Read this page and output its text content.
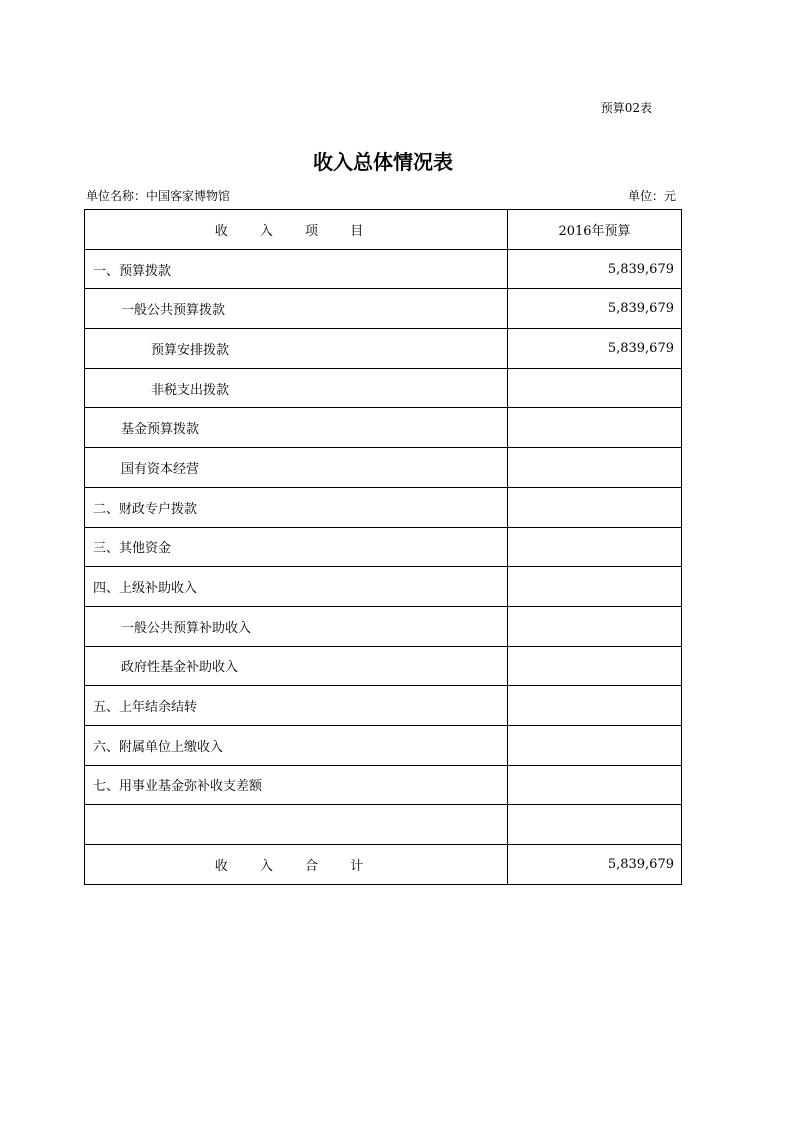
预算02表
收入总体情况表
单位名称：中国客家博物馆	单位：元
收 入 项 目	2016年预算
一、预算拨款	5,839,679
一般公共预算拨款	5,839,679
预算安排拨款	5,839,679
非税支出拨款	
基金预算拨款	
国有资本经营	
二、财政专户拨款	
三、其他资金	
四、上级补助收入	
一般公共预算补助收入	
政府性基金补助收入	
五、上年结余结转	
六、附属单位上缴收入	
七、用事业基金弥补收支差额	

收 入 合 计	5,839,679
